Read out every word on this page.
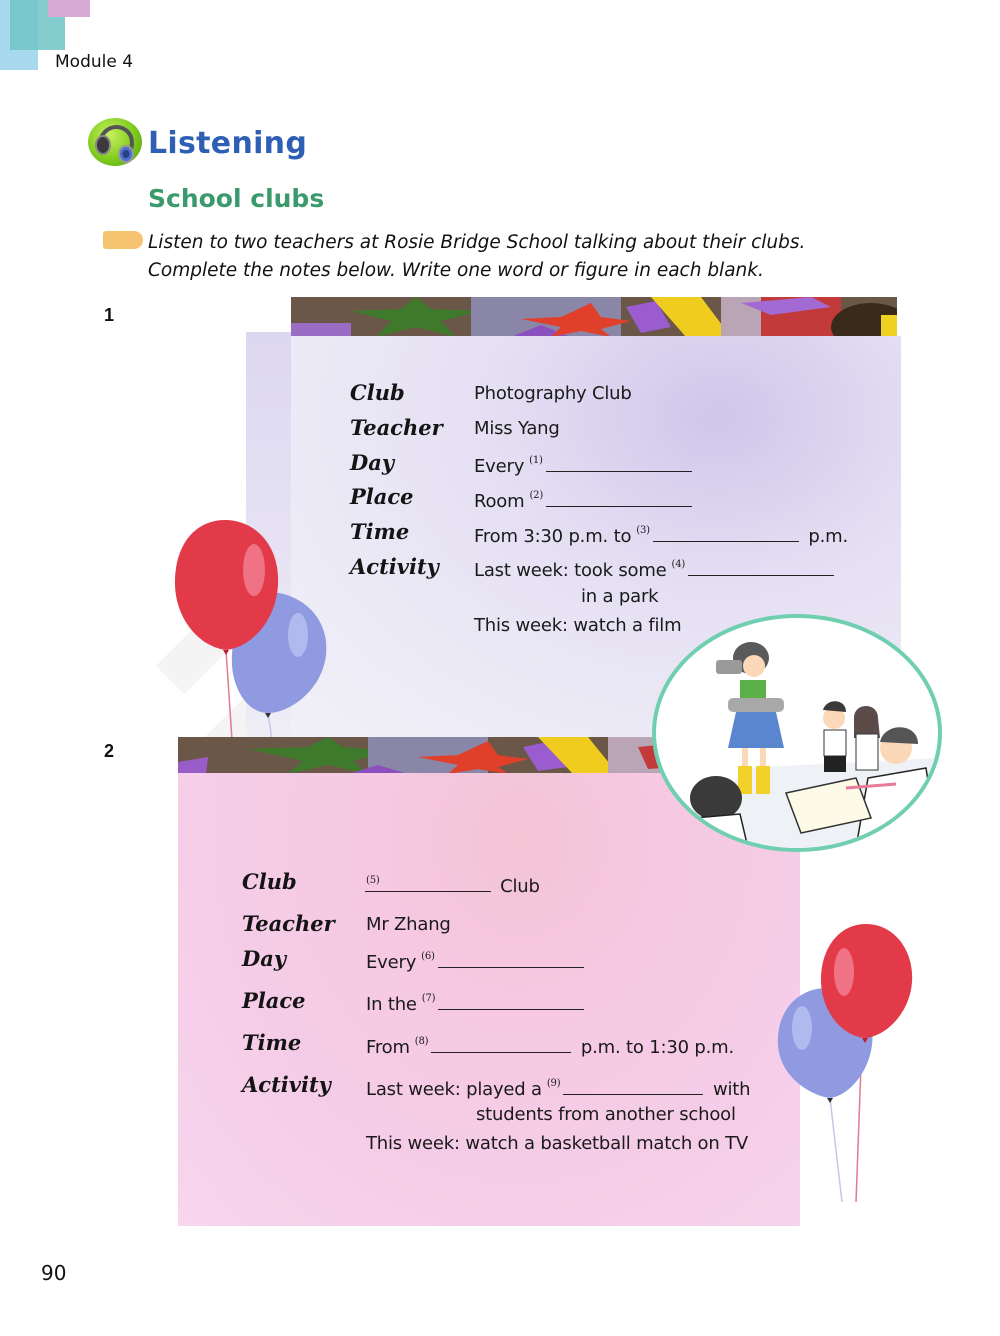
Module 4
Listening
School clubs
Listen to two teachers at Rosie Bridge School talking about their clubs.
Complete the notes below. Write one word or figure in each blank.
1
Club	Photography Club
Teacher Miss Yang
Day	Every $^{(1)}$
Place	Room $^{(2)}$
Time	From 3:30 p.m. to $^{(3)}$	p.m.
Activity Last week: took some $^{(4)}$
in a park
This week: watch a film
2
Club	$^{(5)}$	Club
Teacher Mr Zhang
Day	Every $^{(6)}$
Place	In the $^{(7)}$
Time	From $^{(8)}$	p.m. to 1:30 p.m.
Activity Last week: played a $^{(9)}$	with
students from another school
This week: watch a basketball match on TV
90
